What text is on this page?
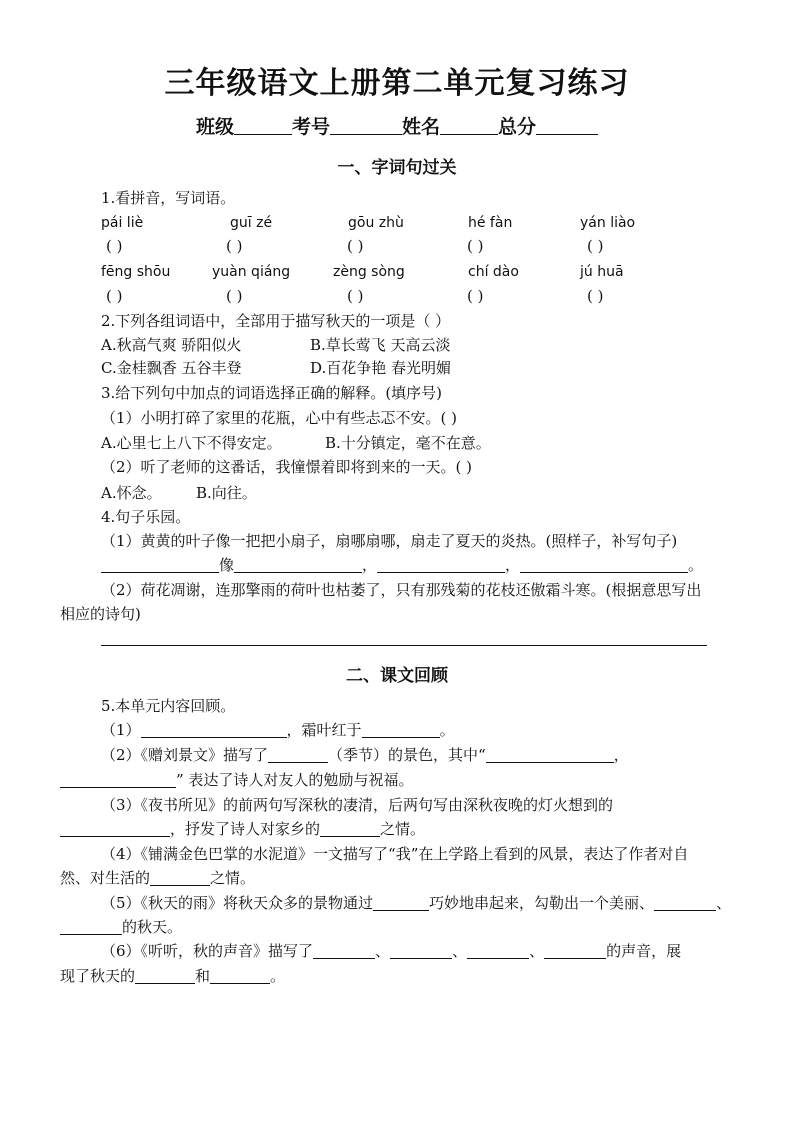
三年级语文上册第二单元复习练习
班级	考号	姓名	总分
一、字词句过关
1.看拼音，写词语。
pái liè	guī zé	gōu zhù	hé fàn	yán liào
( )	( )	( )	( )	( )
fēng shōu	yuàn qiáng	zèng sòng	chí dào	jú huā
( )	( )	( )	( )	( )
2.下列各组词语中，全部用于描写秋天的一项是（ ）
A.秋高气爽 骄阳似火	B.草长莺飞 天高云淡
C.金桂飘香 五谷丰登	D.百花争艳 春光明媚
3.给下列句中加点的词语选择正确的解释。(填序号)
（1）小明打碎了家里的花瓶，心中有些忐忑不安。( )
A.心里七上八下不得安定。	B.十分镇定，毫不在意。
（2）听了老师的这番话，我憧憬着即将到来的一天。( )
A.怀念。 B.向往。
4.句子乐园。
（1）黄黄的叶子像一把把小扇子，扇哪扇哪，扇走了夏天的炎热。(照样子，补写句子)
像	，	，	。
（2）荷花凋谢，连那擎雨的荷叶也枯萎了，只有那残菊的花枝还傲霜斗寒。(根据意思写出
相应的诗句)
二、课文回顾
5.本单元内容回顾。
（1）	，霜叶红于	。
（2）《赠刘景文》描写了	（季节）的景色，其中“	，
” 表达了诗人对友人的勉励与祝福。
（3）《夜书所见》的前两句写深秋的凄清，后两句写由深秋夜晚的灯火想到的
，抒发了诗人对家乡的	之情。
（4）《铺满金色巴掌的水泥道》一文描写了“我”在上学路上看到的风景，表达了作者对自
然、对生活的	之情。
（5）《秋天的雨》将秋天众多的景物通过	巧妙地串起来，勾勒出一个美丽、	、
的秋天。
（6）《听听，秋的声音》描写了	、	、	、	的声音，展
现了秋天的	和	。
